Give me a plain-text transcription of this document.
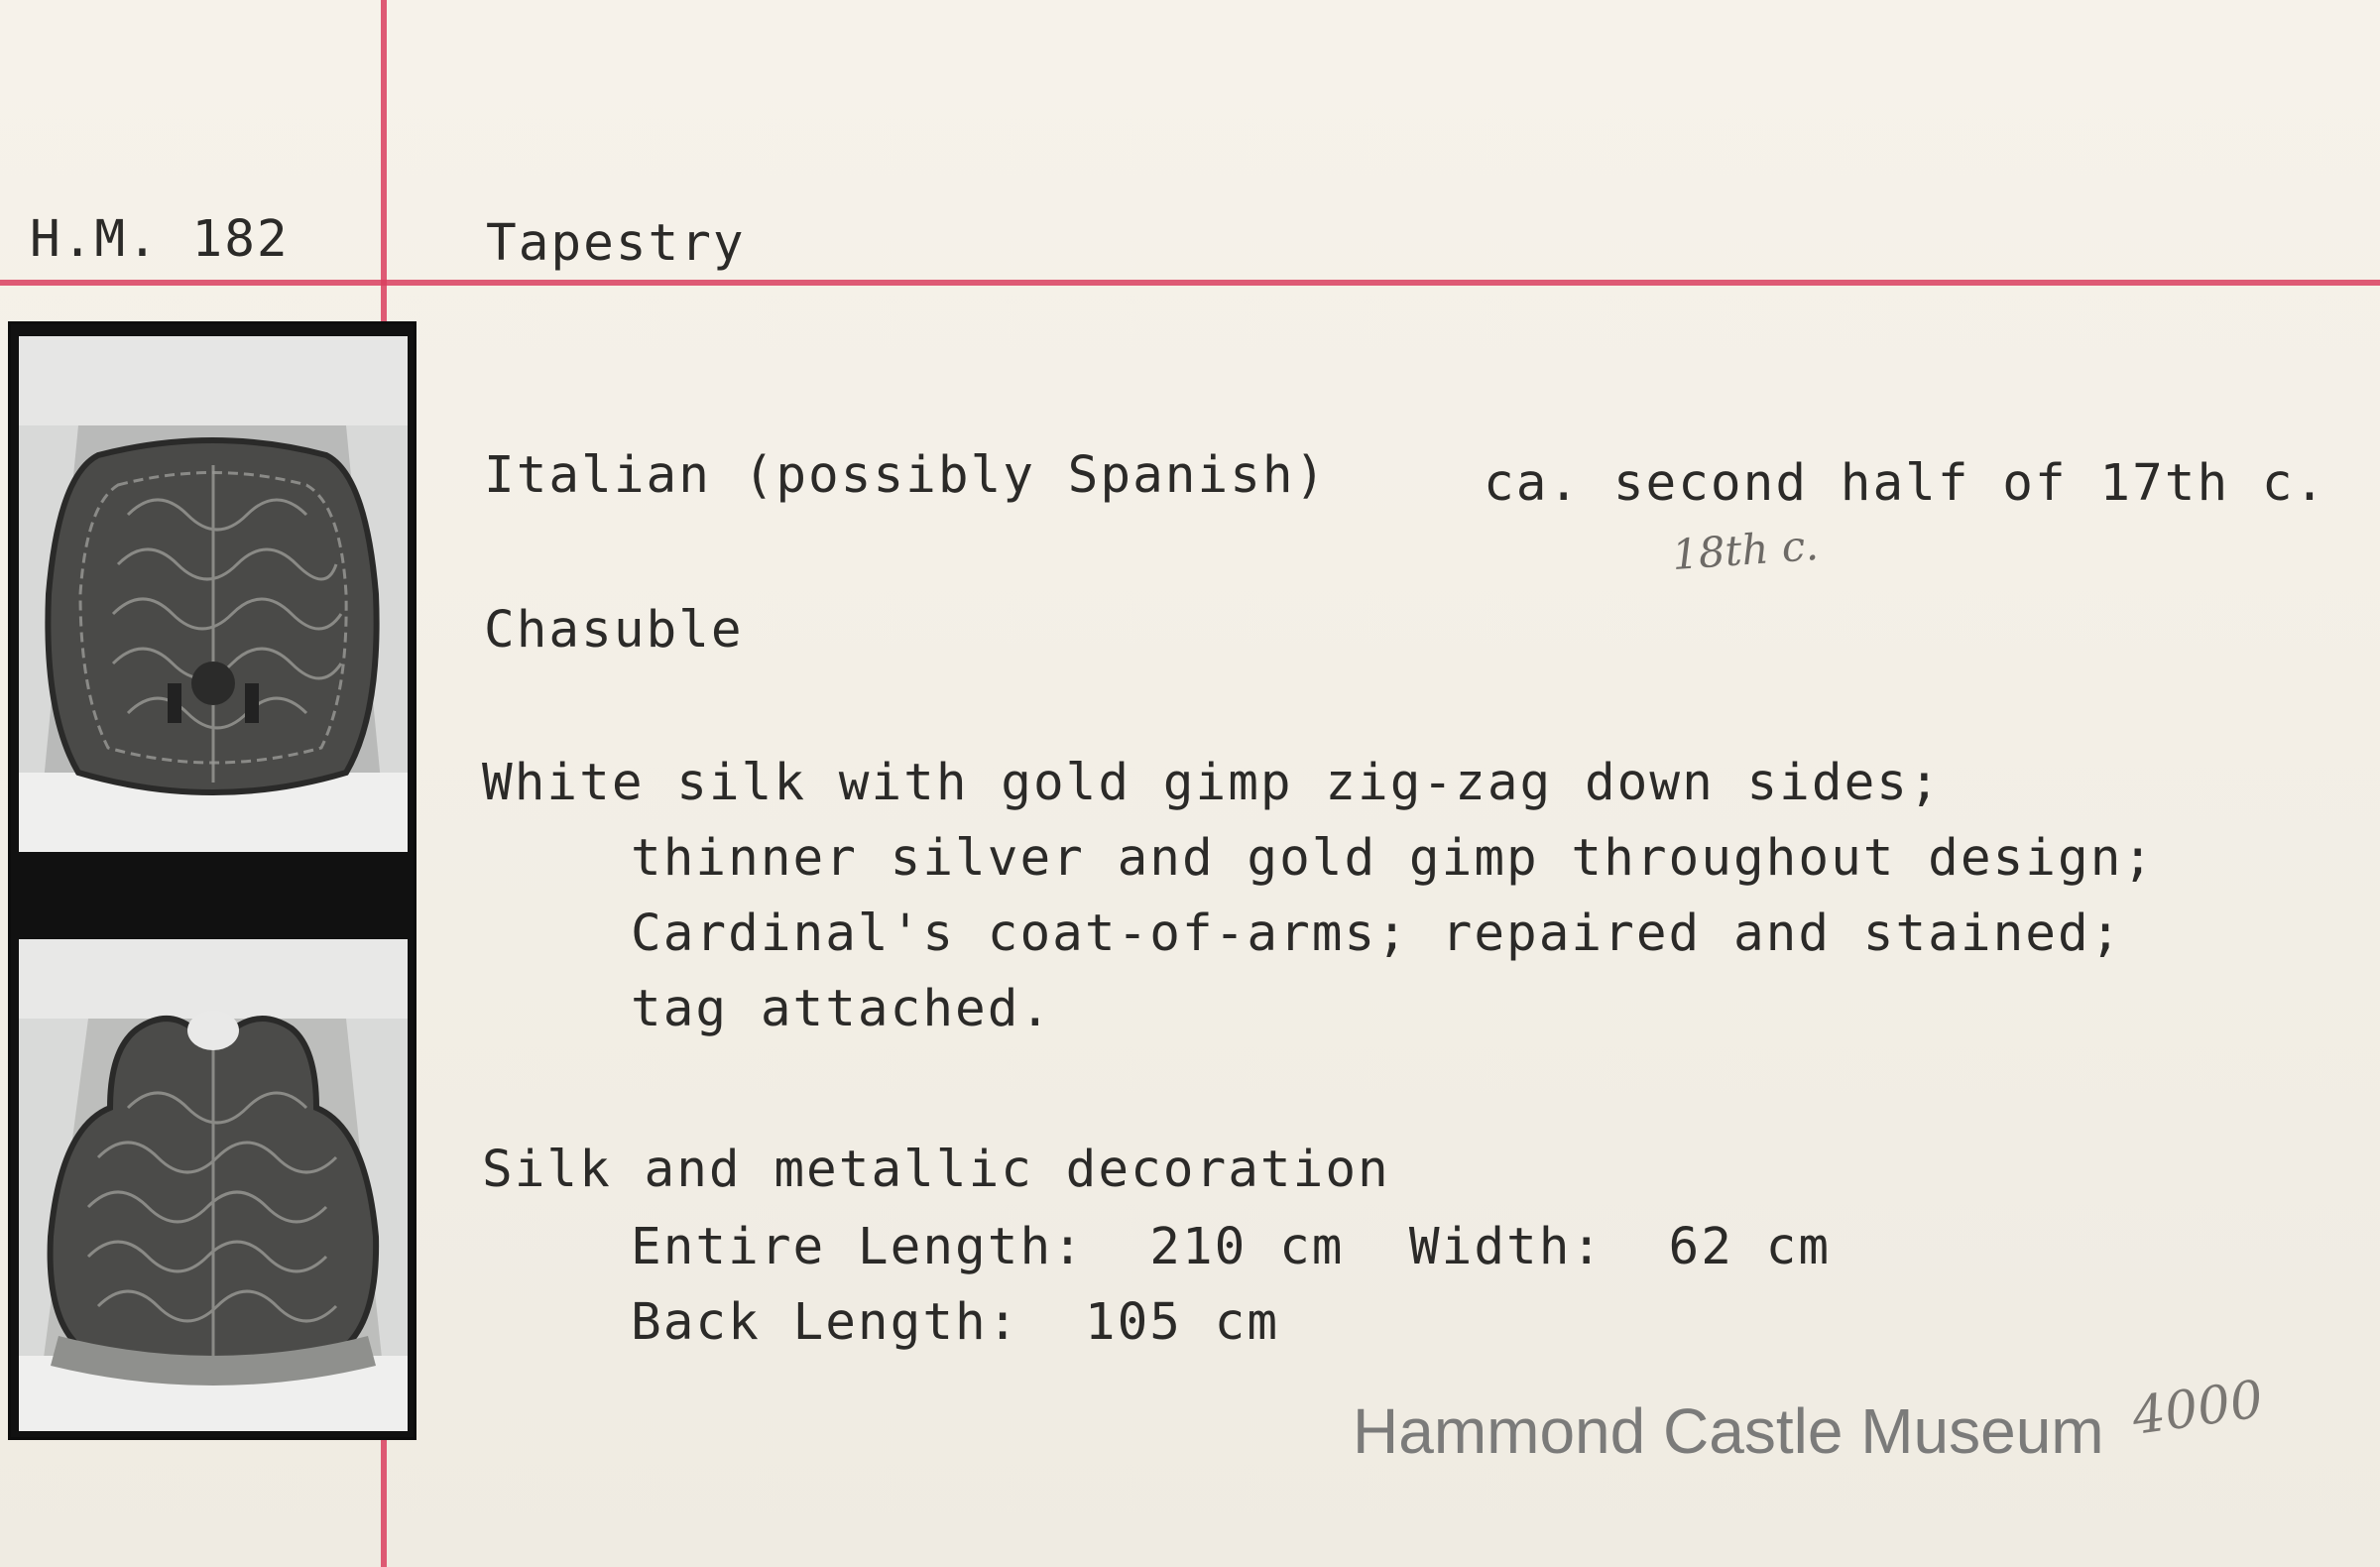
H.M. 182	Tapestry
Italian (possibly Spanish)	ca. second half of 17th c.
18th c.
Chasuble
White silk with gold gimp zig-zag down sides;
thinner silver and gold gimp throughout design;
Cardinal's coat-of-arms; repaired and stained;
tag attached.
Silk and metallic decoration
Entire Length:  210 cm  Width:  62 cm
Back Length:  105 cm
4000
Hammond Castle Museum
